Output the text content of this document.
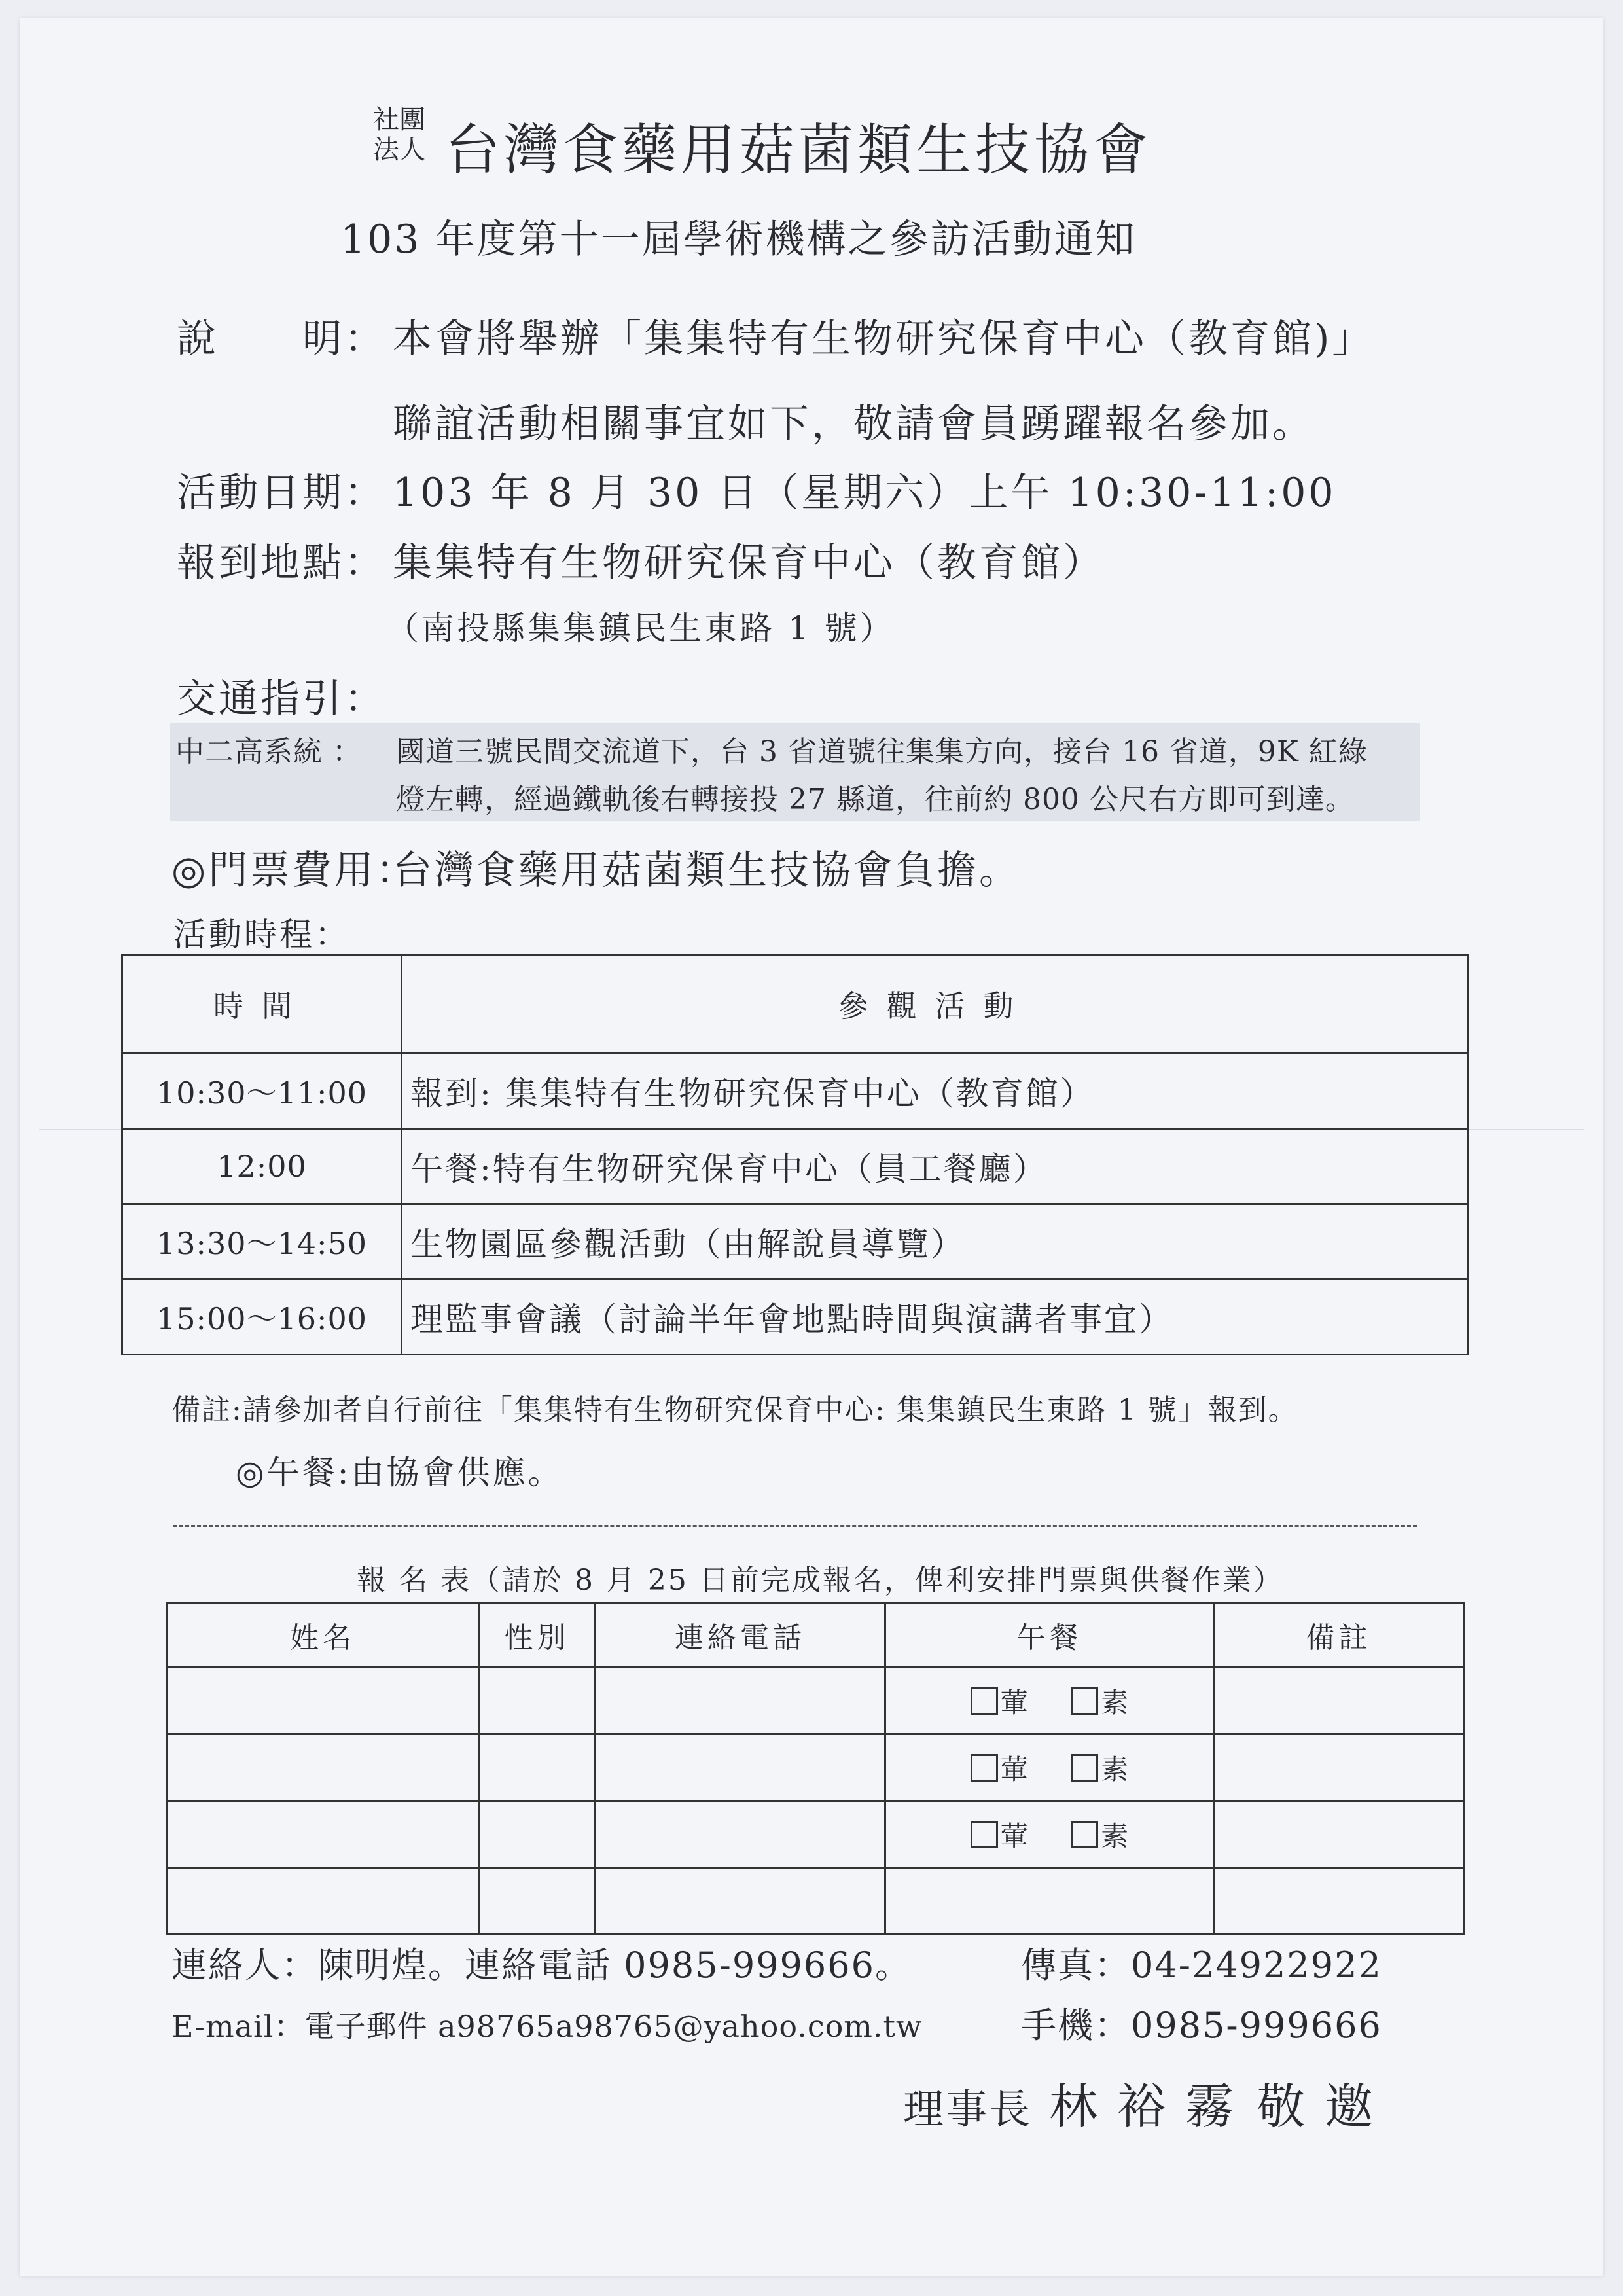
社團
法人 台灣食藥用菇菌類生技協會
103 年度第十一屆學術機構之參訪活動通知
說　　明： 本會將舉辦「集集特有生物研究保育中心（教育館)」
聯誼活動相關事宜如下，敬請會員踴躍報名參加。
活動日期： 103 年 8 月 30 日（星期六）上午 10:30-11:00
報到地點： 集集特有生物研究保育中心（教育館）
（南投縣集集鎮民生東路 1 號）
交通指引：
中二高系統 ： 國道三號民間交流道下，台 3 省道號往集集方向，接台 16 省道，9K 紅綠
燈左轉，經過鐵軌後右轉接投 27 縣道，往前約 800 公尺右方即可到達。
◎門票費用：
台灣食藥用菇菌類生技協會負擔。
活動時程：
時間	參觀活動
10:30～11:00	報到: 集集特有生物研究保育中心（教育館）
12:00	午餐:特有生物研究保育中心（員工餐廳）
13:30～14:50	生物園區參觀活動（由解說員導覽）
15:00～16:00	理監事會議（討論半年會地點時間與演講者事宜）
備註:請參加者自行前往「集集特有生物研究保育中心: 集集鎮民生東路 1 號」報到。
◎午餐:由協會供應。
報 名 表（請於 8 月 25 日前完成報名，俾利安排門票與供餐作業）
姓名	性別	連絡電話	午餐	備註
			葷 素	
			葷 素	
			葷 素	

連絡人：陳明煌。連絡電話 0985-999666。	傳真：04-24922922
E-mail：電子郵件 a98765a98765@yahoo.com.tw	手機：0985-999666
理事長 林裕霧 敬邀
